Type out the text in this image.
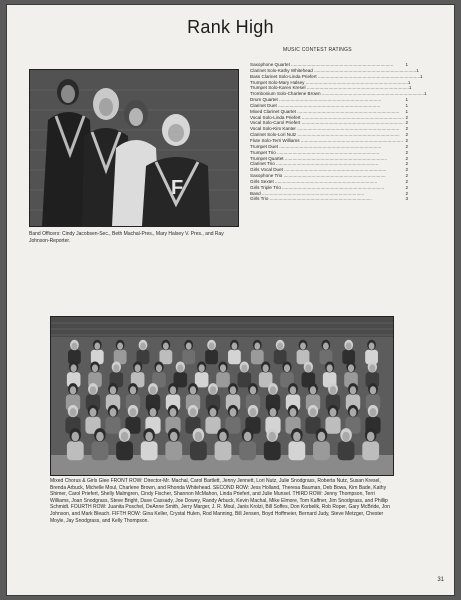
Rank High
F

Band Officers: Cindy Jacobsen-Sec., Beth Machal-Pres., Mary Halsey V. Pres., and Ray Johnson-Reporter.

MUSIC CONTEST RATINGS

Saxophone Quartet ................................................................................	1
Clarinet Solo-Kathy Whitehead ................................................................................ 1
Bass Clarinet Solo-Linda Priefert ................................................................................ 1
Trumpet Solo-Mary Halsey ................................................................................ 1
Trumpet Solo-Karen Kresel ................................................................................ 1
Trombonium Solo-Charlene Brown ................................................................................ 1
Drum Quartet ................................................................................	1
Clarinet Duet ................................................................................	1
Mixed Clarinet Quartet ................................................................................ 1
Vocal Solo-Linda Priefert ................................................................................ 2
Vocal Solo-Carol Priefert ................................................................................ 2
Vocal Solo-Kim Kanter ................................................................................ 2
Clarinet Solo-Lori Nutz ................................................................................ 2
Flute Solo-Terri Williams ................................................................................ 2
Trumpet Duet ................................................................................	2
Trumpet Trio ................................................................................	2
Trumpet Quartet ................................................................................	2
Clarinet Trio ................................................................................	2
Girls Vocal Duet ................................................................................	2
Saxophone Trio ................................................................................	2
Girls Sextet ................................................................................	2
Girls Triple Trio ................................................................................	2
Band ................................................................................	2
Girls Trio ................................................................................	3

Mixed Chorus & Girls Glee FRONT ROW: Director-Mr. Machal, Carol Bartlett, Jenny Jennett, Lori Nutz, Julie Snodgrass, Roberta Nutz, Susan Kresel, Brenda Arbuck, Michelle Moul, Charlene Brown, and Rhonda Whitehead. SECOND ROW: Jess Holland, Theresa Bauman, Deb Bowa, Kim Bade, Kathy Shimer, Carol Priefert, Shelly Malmgren, Cindy Fischer, Shannon McMahon, Linda Priefert, and Julie Munsel. THIRD ROW: Jenny Thompson, Terri Williams, Joan Snodgrass, Steve Bright, Dave Cassady, Joe Dowey, Randy Arbuck, Kevin Machal, Mike Elmore, Tom Kaffner, Jim Snodgrass, and Phillip Schmidt. FOURTH ROW: Juanita Poschel, DeAnne Smith, Jerry Marger, J. R. Moul, Janis Krolzi, Bill Soffes, Don Korbelik, Rob Roper, Gary McBride, Jon Johnson, and Mark Bleach. FIFTH ROW: Gina Keller, Crystal Hulen, Rod Manning, Bill Jensen, Boyd Hoffmeier, Bernard Judy, Steve Metzger, Chester Moyle, Jay Snodgrass, and Kelly Thompson.

31
